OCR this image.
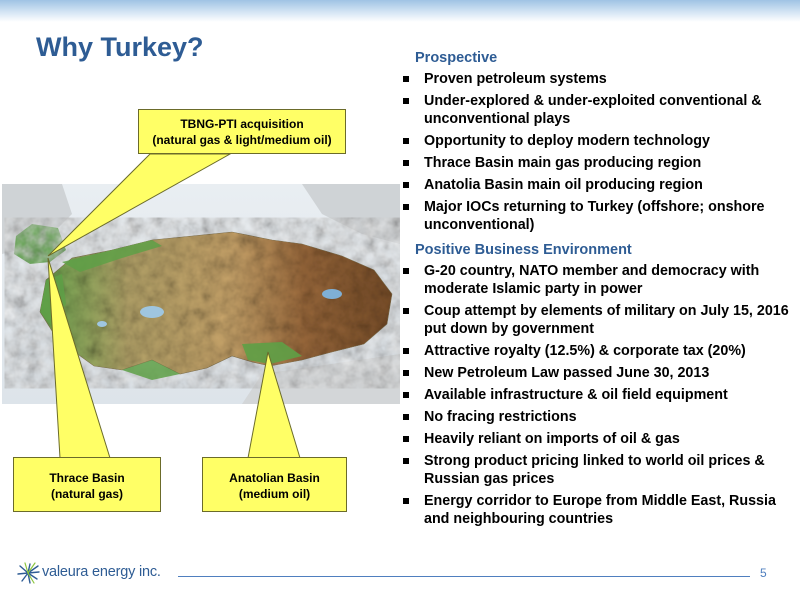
Why Turkey?
TBNG-PTI acquisition
(natural gas & light/medium oil)
Thrace Basin
(natural gas)
Anatolian Basin
(medium oil)
Prospective
Proven petroleum systems
Under-explored & under-exploited conventional & unconventional plays
Opportunity to deploy modern technology
Thrace Basin main gas producing region
Anatolia Basin main oil producing region
Major IOCs returning to Turkey (offshore; onshore unconventional)
Positive Business Environment
G-20 country, NATO member and democracy with moderate Islamic party in power
Coup attempt by elements of military on July 15, 2016 put down by government
Attractive royalty (12.5%) & corporate tax (20%)
New Petroleum Law passed June 30, 2013
Available infrastructure & oil field equipment
No fracing restrictions
Heavily reliant on imports of oil & gas
Strong product pricing linked to world oil prices & Russian gas prices
Energy corridor to Europe from Middle East, Russia and neighbouring countries
valeura energy inc.	5
